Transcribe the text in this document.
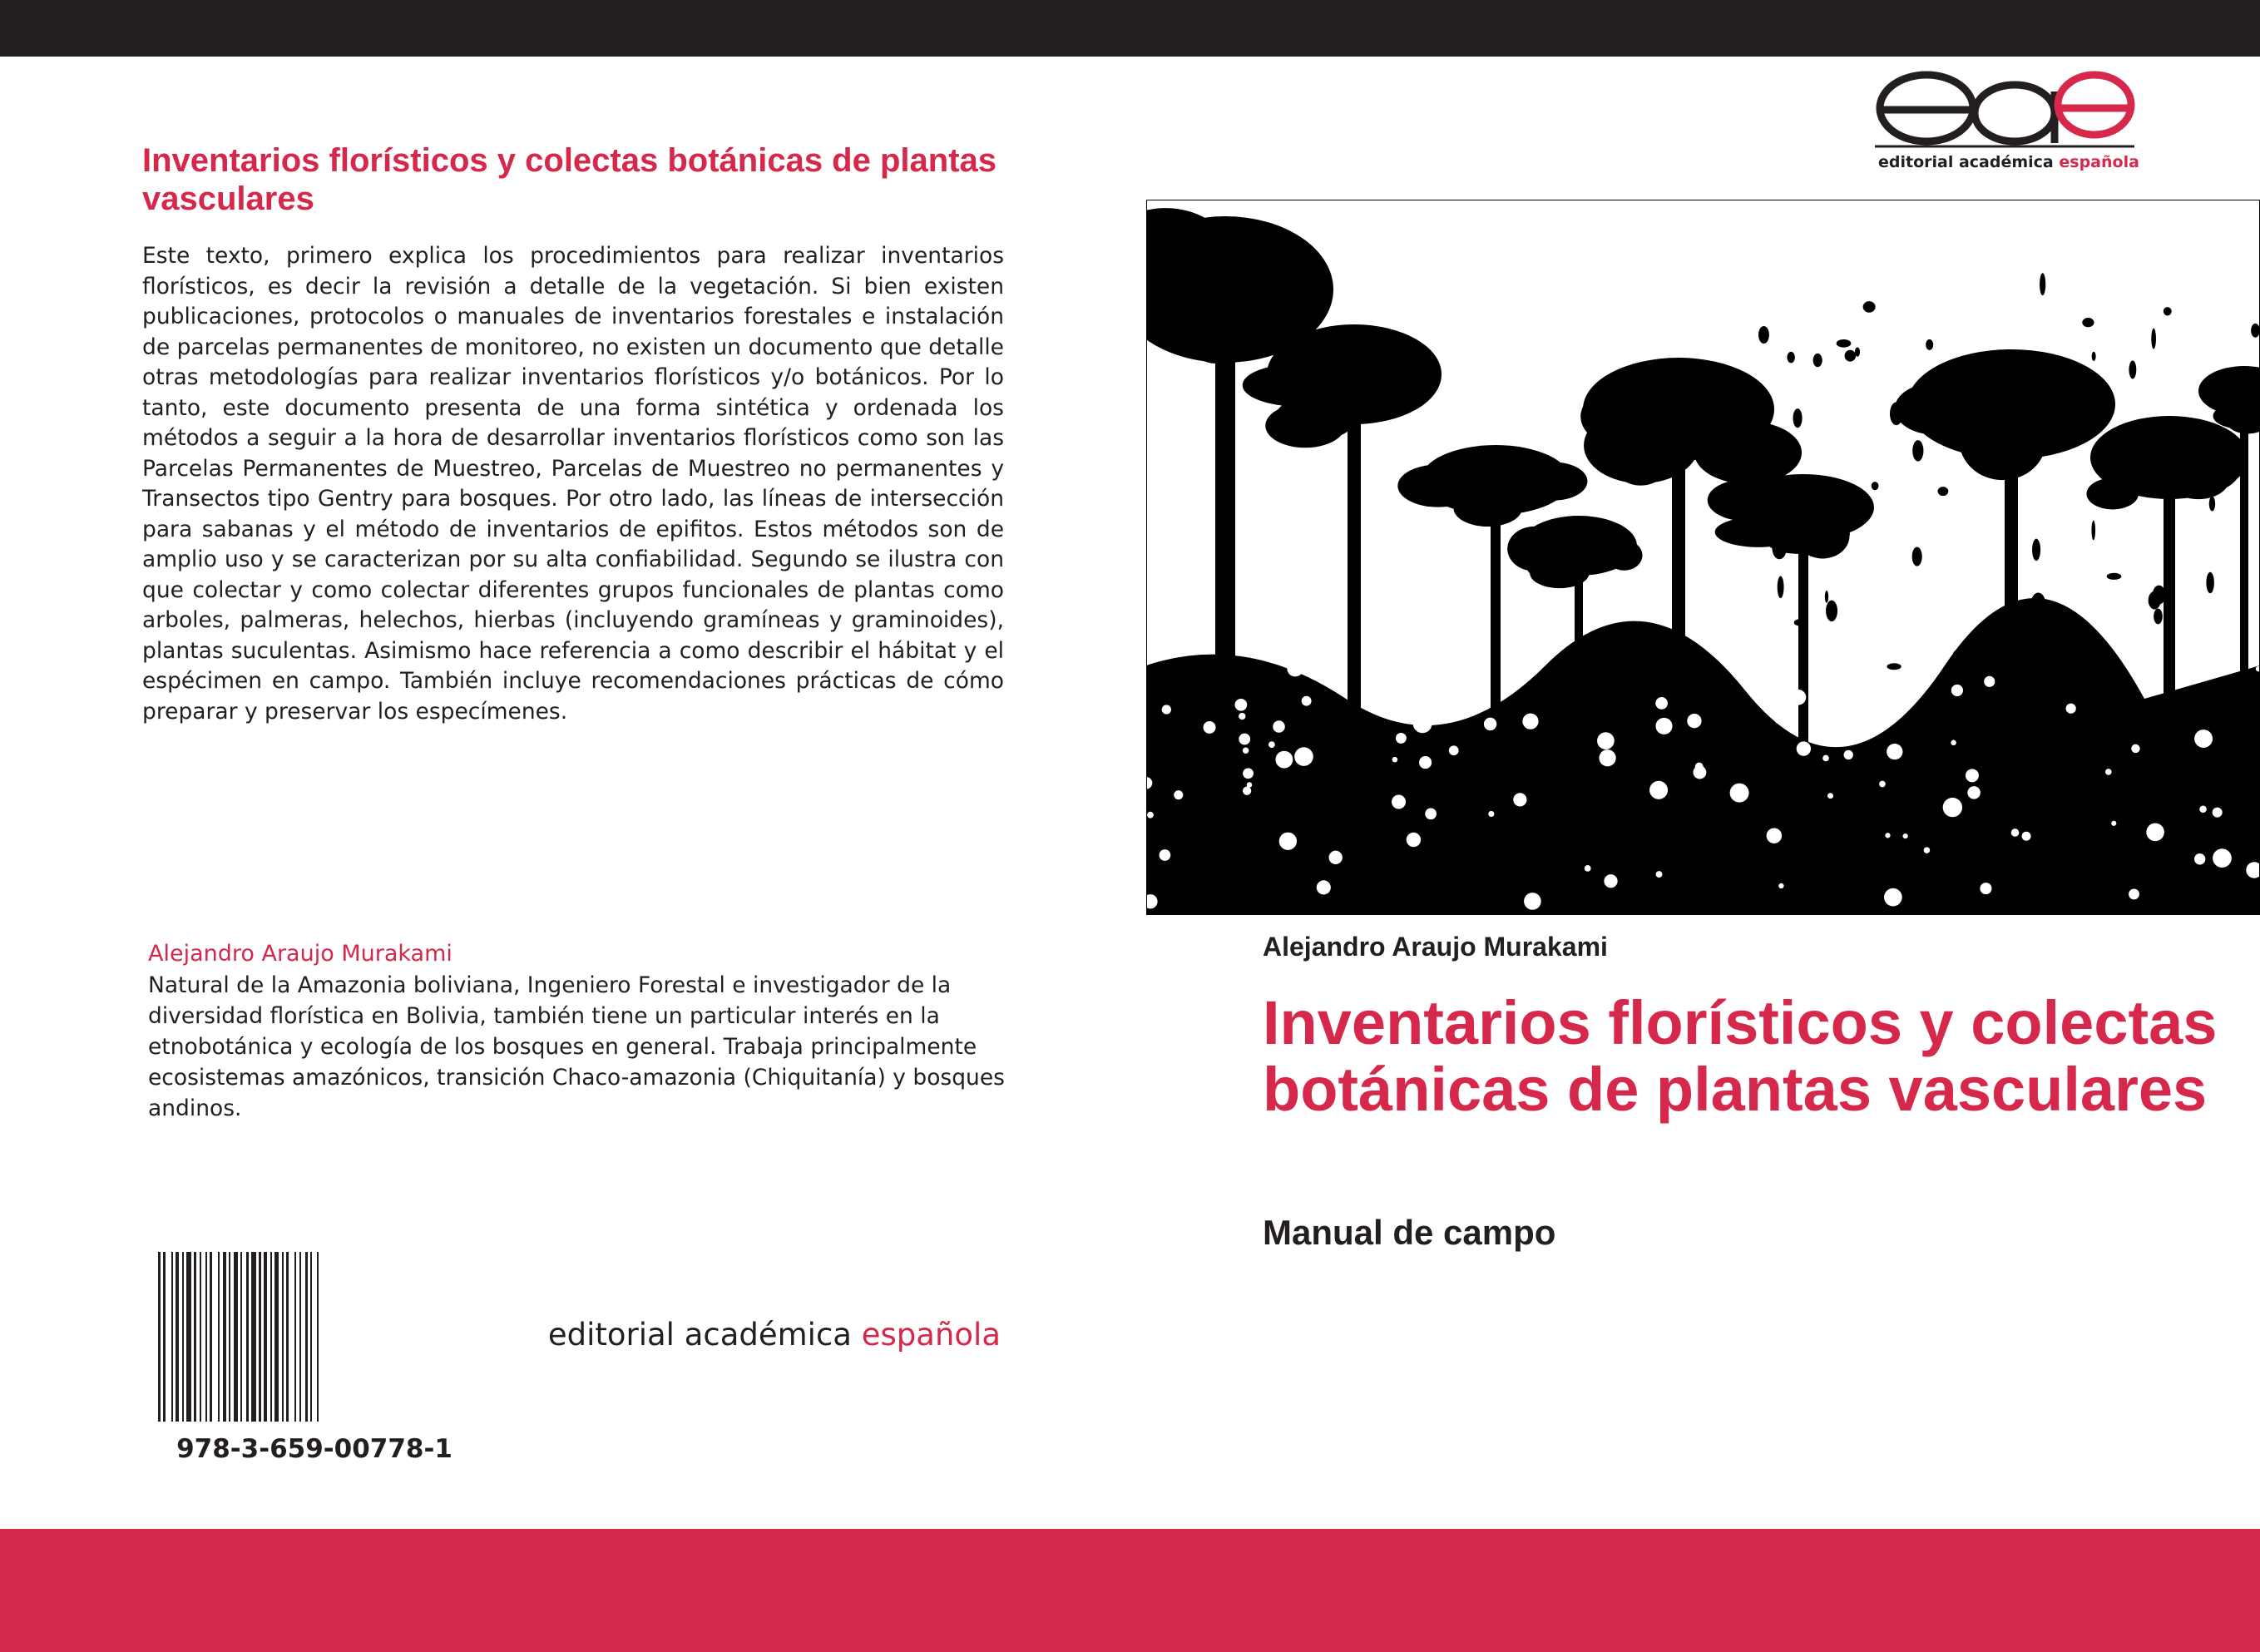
Inventarios florísticos y colectas botánicas de plantas vasculares

Este texto, primero explica los procedimientos para realizar inventarios florísticos, es decir la revisión a detalle de la vegetación. Si bien existen publicaciones, protocolos o manuales de inventarios forestales e instalación de parcelas permanentes de monitoreo, no existen un documento que detalle otras metodologías para realizar inventarios florísticos y/o botánicos. Por lo tanto, este documento presenta de una forma sintética y ordenada los métodos a seguir a la hora de desarrollar inventarios florísticos como son las Parcelas Permanentes de Muestreo, Parcelas de Muestreo no permanentes y Transectos tipo Gentry para bosques. Por otro lado, las líneas de intersección para sabanas y el método de inventarios de epifitos. Estos métodos son de amplio uso y se caracterizan por su alta confiabilidad. Segundo se ilustra con que colectar y como colectar diferentes grupos funcionales de plantas como arboles, palmeras, helechos, hierbas (incluyendo gramíneas y graminoides), plantas suculentas. Asimismo hace referencia a como describir el hábitat y el espécimen en campo. También incluye recomendaciones prácticas de cómo preparar y preservar los especímenes.

Alejandro Araujo Murakami

Natural de la Amazonia boliviana, Ingeniero Forestal e investigador de la diversidad florística en Bolivia, también tiene un particular interés en la etnobotánica y ecología de los bosques en general. Trabaja principalmente ecosistemas amazónicos, transición Chaco-amazonia (Chiquitanía) y bosques andinos.

978-3-659-00778-1
editorial académica española
editorial académica española

Alejandro Araujo Murakami

Inventarios florísticos y colectas botánicas de plantas vasculares

Manual de campo
